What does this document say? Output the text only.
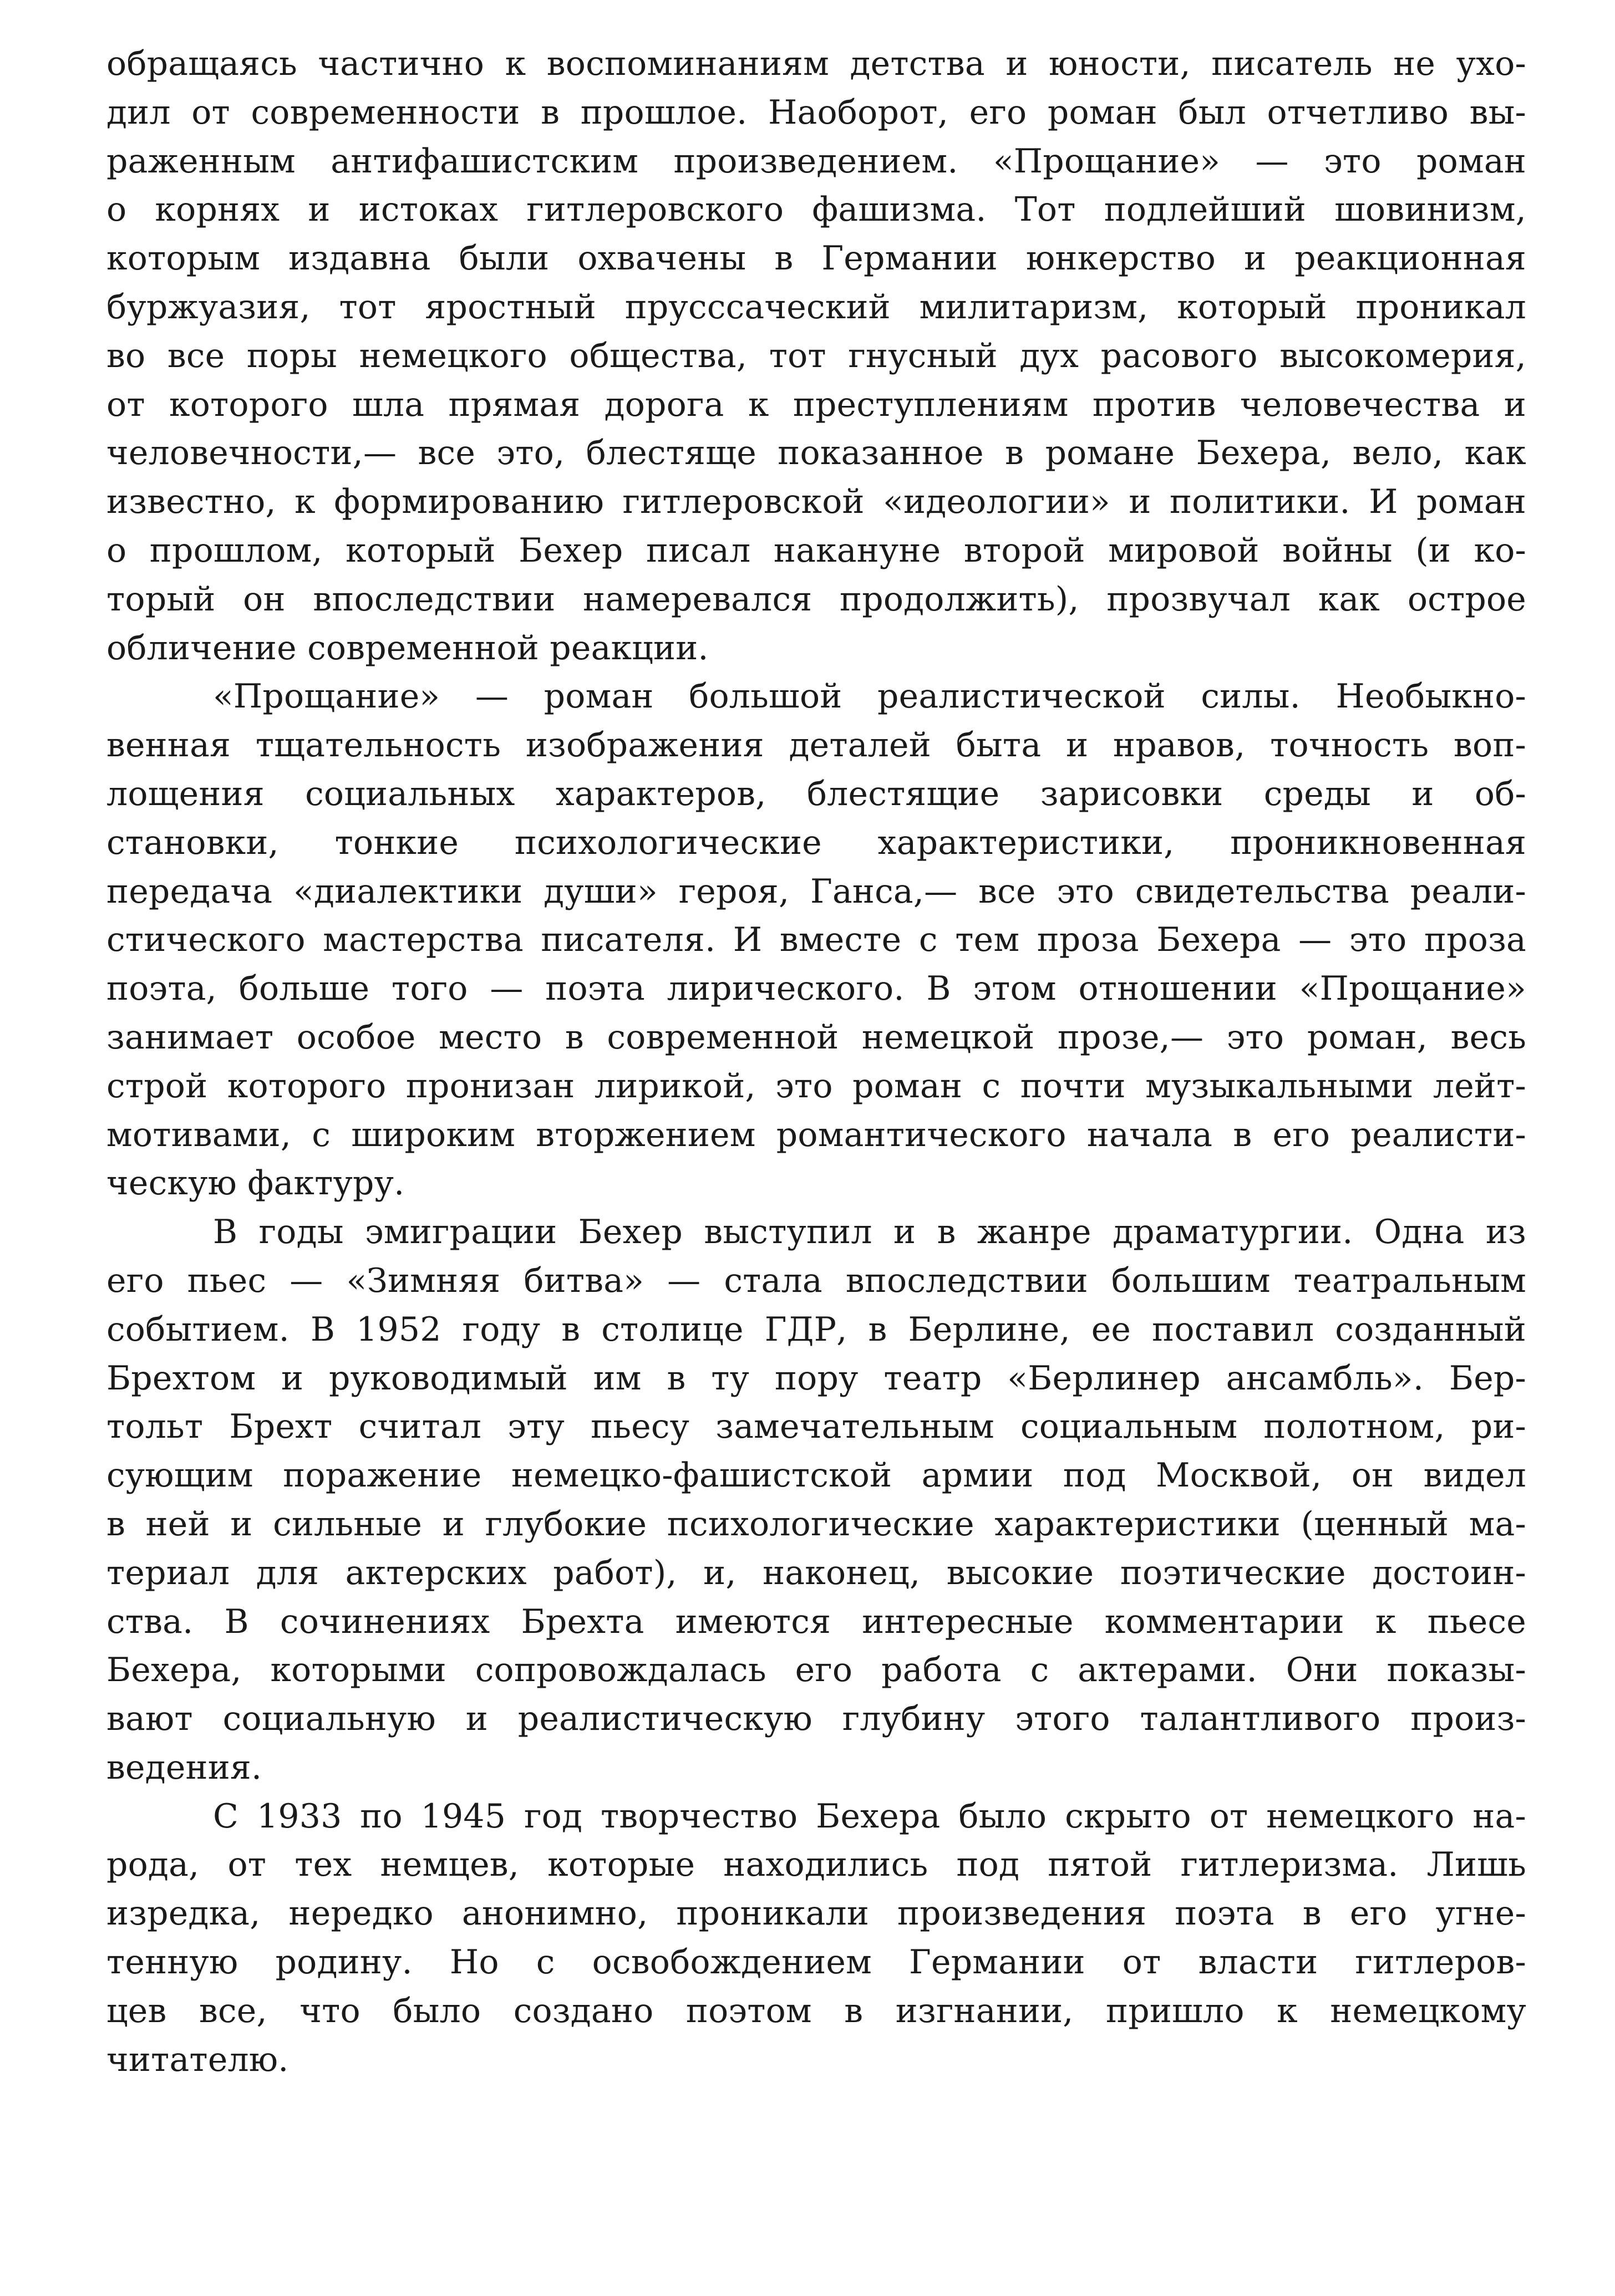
обращаясь частично к воспоминаниям детства и юности, писатель не ухо-
дил от современности в прошлое. Наоборот, его роман был отчетливо вы-
раженным антифашистским произведением. «Прощание» — это роман
о корнях и истоках гитлеровского фашизма. Тот подлейший шовинизм,
которым издавна были охвачены в Германии юнкерство и реакционная
буржуазия, тот яростный прусссаческий милитаризм, который проникал
во все поры немецкого общества, тот гнусный дух расового высокомерия,
от которого шла прямая дорога к преступлениям против человечества и
человечности,— все это, блестяще показанное в романе Бехера, вело, как
известно, к формированию гитлеровской «идеологии» и политики. И роман
о прошлом, который Бехер писал накануне второй мировой войны (и ко-
торый он впоследствии намеревался продолжить), прозвучал как острое
обличение современной реакции.
«Прощание» — роман большой реалистической силы. Необыкно-
венная тщательность изображения деталей быта и нравов, точность воп-
лощения социальных характеров, блестящие зарисовки среды и об-
становки, тонкие психологические характеристики, проникновенная
передача «диалектики души» героя, Ганса,— все это свидетельства реали-
стического мастерства писателя. И вместе с тем проза Бехера — это проза
поэта, больше того — поэта лирического. В этом отношении «Прощание»
занимает особое место в современной немецкой прозе,— это роман, весь
строй которого пронизан лирикой, это роман с почти музыкальными лейт-
мотивами, с широким вторжением романтического начала в его реалисти-
ческую фактуру.
В годы эмиграции Бехер выступил и в жанре драматургии. Одна из
его пьес — «Зимняя битва» — стала впоследствии большим театральным
событием. В 1952 году в столице ГДР, в Берлине, ее поставил созданный
Брехтом и руководимый им в ту пору театр «Берлинер ансамбль». Бер-
тольт Брехт считал эту пьесу замечательным социальным полотном, ри-
сующим поражение немецко-фашистской армии под Москвой, он видел
в ней и сильные и глубокие психологические характеристики (ценный ма-
териал для актерских работ), и, наконец, высокие поэтические достоин-
ства. В сочинениях Брехта имеются интересные комментарии к пьесе
Бехера, которыми сопровождалась его работа с актерами. Они показы-
вают социальную и реалистическую глубину этого талантливого произ-
ведения.
С 1933 по 1945 год творчество Бехера было скрыто от немецкого на-
рода, от тех немцев, которые находились под пятой гитлеризма. Лишь
изредка, нередко анонимно, проникали произведения поэта в его угне-
тенную родину. Но с освобождением Германии от власти гитлеров-
цев все, что было создано поэтом в изгнании, пришло к немецкому
читателю.
